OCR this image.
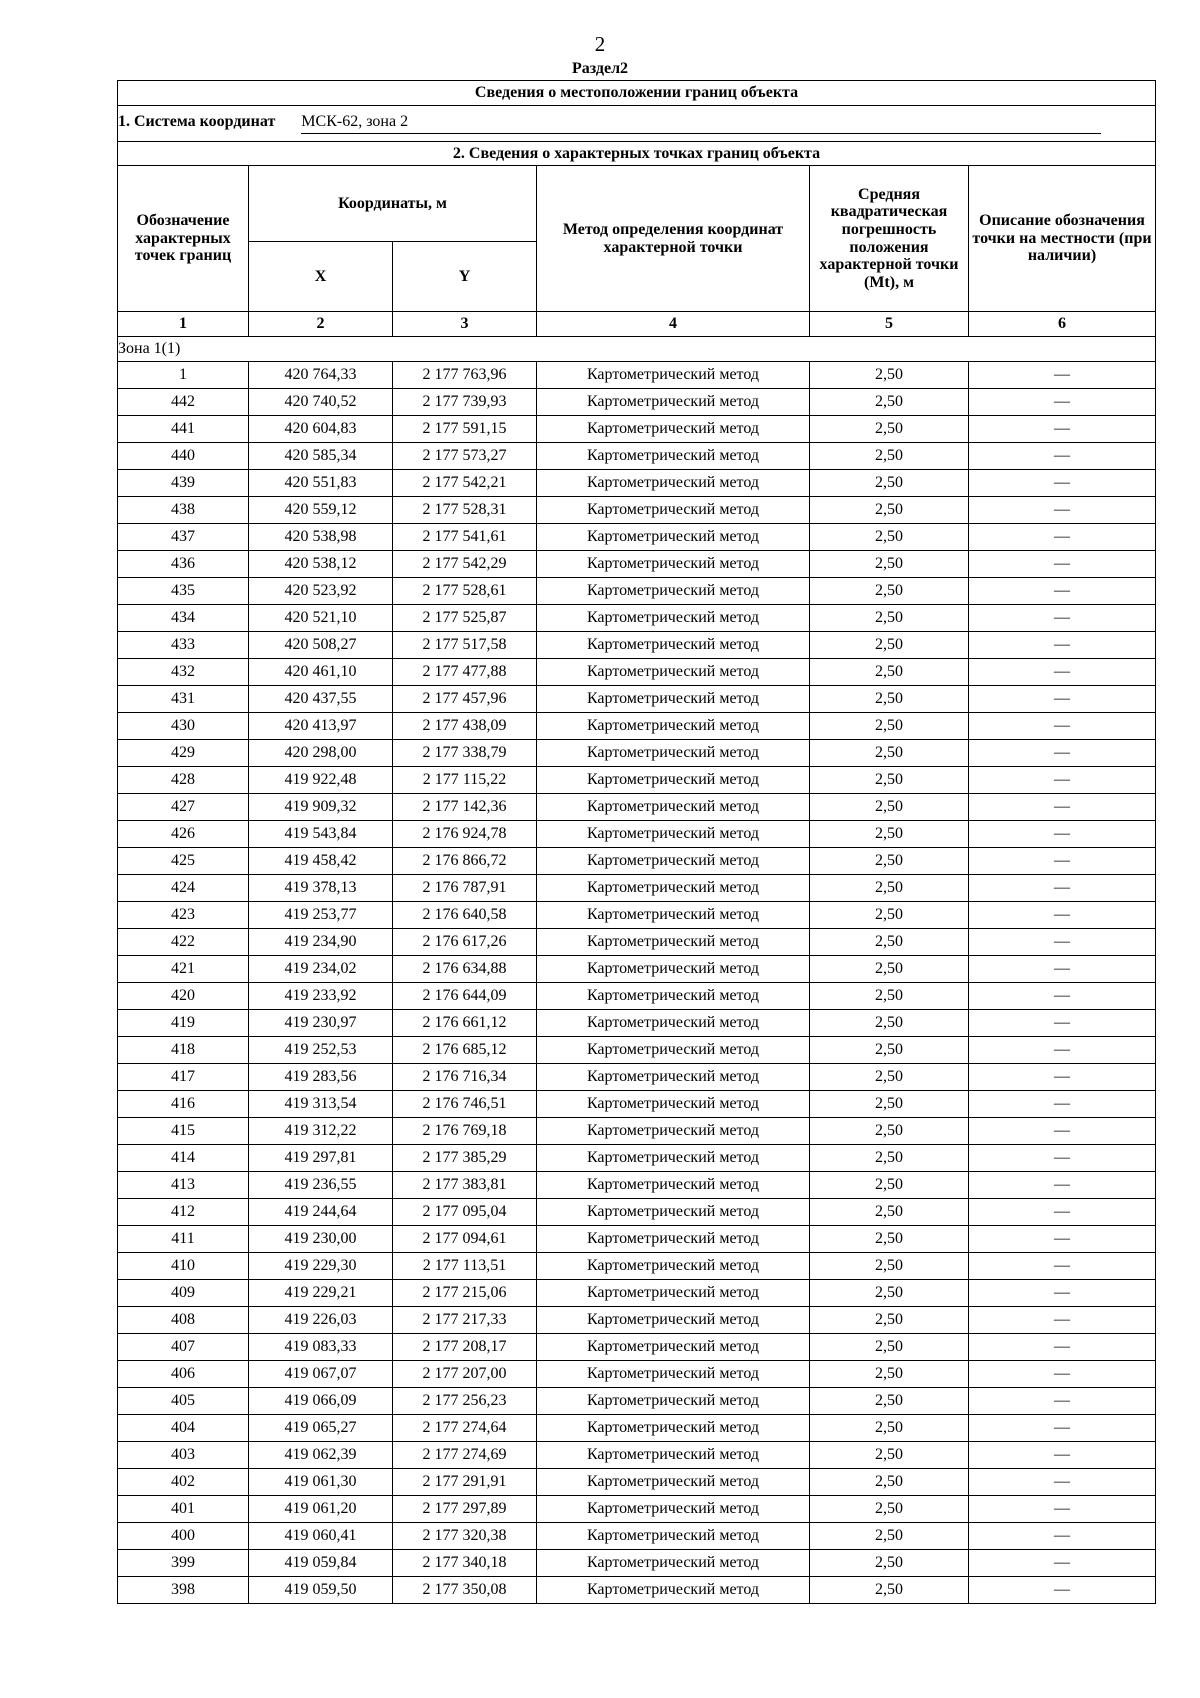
2
Раздел2
Сведения о местоположении границ объекта					
1. Система координат МСК-62, зона 2					
2. Сведения о характерных точках границ объекта					
Обозначение характерных точек границ	Координаты, м		Метод определения координат характерной точки	Средняя квадратическая погрешность положения характерной точки (Mt), м	Описание обозначения точки на местности (при наличии)
	X	Y			
1	2	3	4	5	6
Зона 1(1)					
1	420 764,33	2 177 763,96	Картометрический метод	2,50	—
442	420 740,52	2 177 739,93	Картометрический метод	2,50	—
441	420 604,83	2 177 591,15	Картометрический метод	2,50	—
440	420 585,34	2 177 573,27	Картометрический метод	2,50	—
439	420 551,83	2 177 542,21	Картометрический метод	2,50	—
438	420 559,12	2 177 528,31	Картометрический метод	2,50	—
437	420 538,98	2 177 541,61	Картометрический метод	2,50	—
436	420 538,12	2 177 542,29	Картометрический метод	2,50	—
435	420 523,92	2 177 528,61	Картометрический метод	2,50	—
434	420 521,10	2 177 525,87	Картометрический метод	2,50	—
433	420 508,27	2 177 517,58	Картометрический метод	2,50	—
432	420 461,10	2 177 477,88	Картометрический метод	2,50	—
431	420 437,55	2 177 457,96	Картометрический метод	2,50	—
430	420 413,97	2 177 438,09	Картометрический метод	2,50	—
429	420 298,00	2 177 338,79	Картометрический метод	2,50	—
428	419 922,48	2 177 115,22	Картометрический метод	2,50	—
427	419 909,32	2 177 142,36	Картометрический метод	2,50	—
426	419 543,84	2 176 924,78	Картометрический метод	2,50	—
425	419 458,42	2 176 866,72	Картометрический метод	2,50	—
424	419 378,13	2 176 787,91	Картометрический метод	2,50	—
423	419 253,77	2 176 640,58	Картометрический метод	2,50	—
422	419 234,90	2 176 617,26	Картометрический метод	2,50	—
421	419 234,02	2 176 634,88	Картометрический метод	2,50	—
420	419 233,92	2 176 644,09	Картометрический метод	2,50	—
419	419 230,97	2 176 661,12	Картометрический метод	2,50	—
418	419 252,53	2 176 685,12	Картометрический метод	2,50	—
417	419 283,56	2 176 716,34	Картометрический метод	2,50	—
416	419 313,54	2 176 746,51	Картометрический метод	2,50	—
415	419 312,22	2 176 769,18	Картометрический метод	2,50	—
414	419 297,81	2 177 385,29	Картометрический метод	2,50	—
413	419 236,55	2 177 383,81	Картометрический метод	2,50	—
412	419 244,64	2 177 095,04	Картометрический метод	2,50	—
411	419 230,00	2 177 094,61	Картометрический метод	2,50	—
410	419 229,30	2 177 113,51	Картометрический метод	2,50	—
409	419 229,21	2 177 215,06	Картометрический метод	2,50	—
408	419 226,03	2 177 217,33	Картометрический метод	2,50	—
407	419 083,33	2 177 208,17	Картометрический метод	2,50	—
406	419 067,07	2 177 207,00	Картометрический метод	2,50	—
405	419 066,09	2 177 256,23	Картометрический метод	2,50	—
404	419 065,27	2 177 274,64	Картометрический метод	2,50	—
403	419 062,39	2 177 274,69	Картометрический метод	2,50	—
402	419 061,30	2 177 291,91	Картометрический метод	2,50	—
401	419 061,20	2 177 297,89	Картометрический метод	2,50	—
400	419 060,41	2 177 320,38	Картометрический метод	2,50	—
399	419 059,84	2 177 340,18	Картометрический метод	2,50	—
398	419 059,50	2 177 350,08	Картометрический метод	2,50	—
